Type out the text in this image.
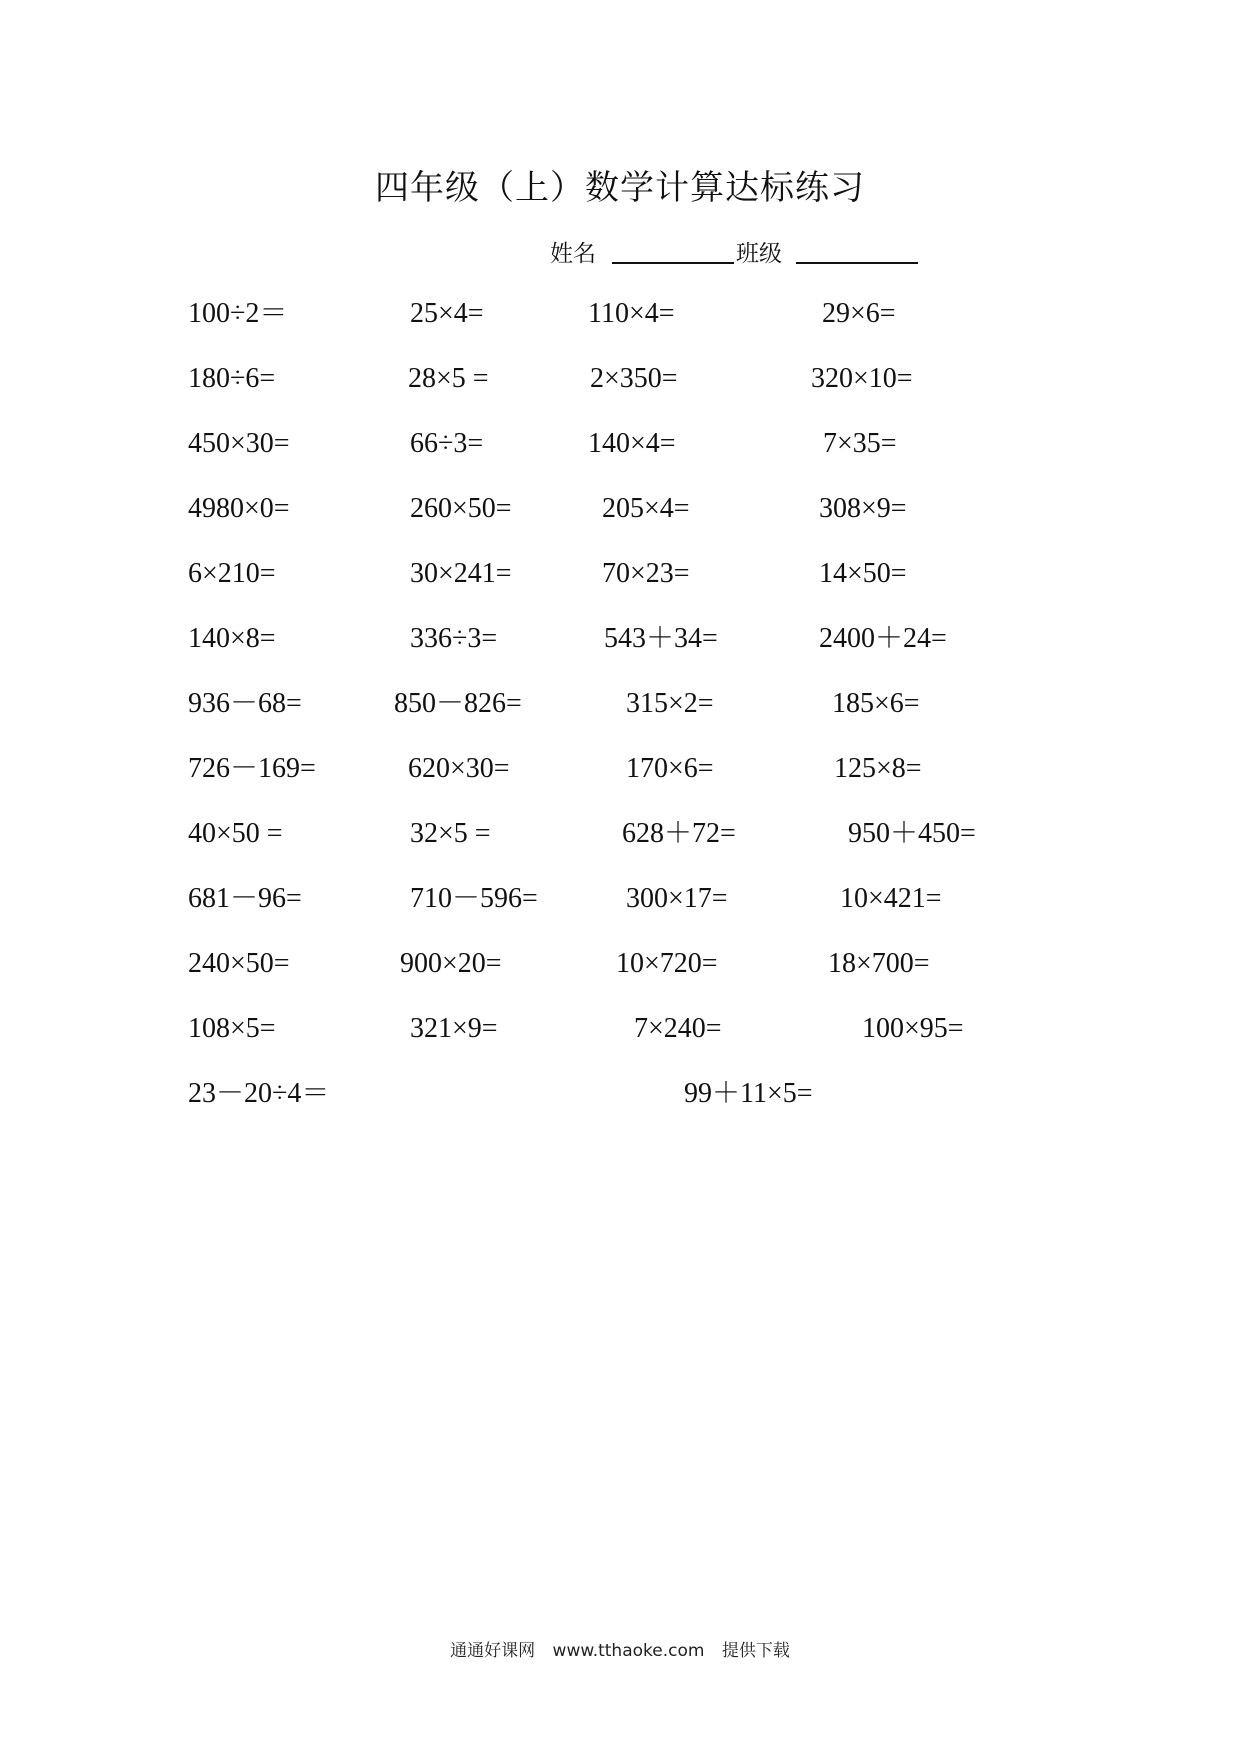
四年级（上）数学计算达标练习
姓名	班级
100÷2＝	25×4=	110×4=	29×6=
180÷6=	28×5 =	2×350=	320×10=
450×30=	66÷3=	140×4=	7×35=
4980×0=	260×50=	205×4=	308×9=
6×210=	30×241=	70×23=	14×50=
140×8=	336÷3=	543＋34=	2400＋24=
936－68=	850－826=	315×2=	185×6=
726－169=	620×30=	170×6=	125×8=
40×50 =	32×5 =	628＋72=	950＋450=
681－96=	710－596=	300×17=	10×421=
240×50=	900×20=	10×720=	18×700=
108×5=	321×9=	7×240=	100×95=
23－20÷4＝	99＋11×5=
通通好课网 www.tthaoke.com 提供下载
